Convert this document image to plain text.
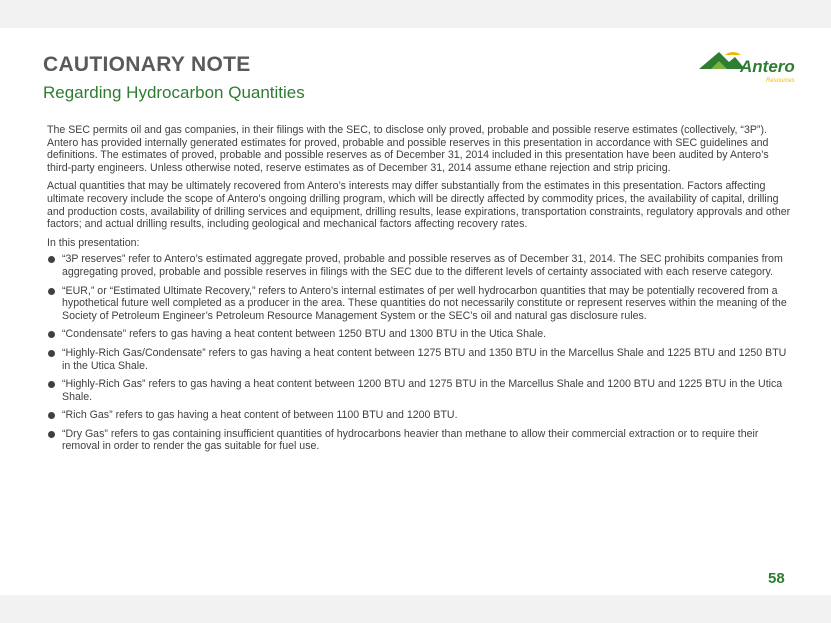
CAUTIONARY NOTE
Regarding Hydrocarbon Quantities
Antero
Resources

The SEC permits oil and gas companies, in their filings with the SEC, to disclose only proved, probable and possible reserve estimates (collectively, “3P”). Antero has provided internally generated estimates for proved, probable and possible reserves in this presentation in accordance with SEC guidelines and definitions. The estimates of proved, probable and possible reserves as of December 31, 2014 included in this presentation have been audited by Antero’s third-party engineers. Unless otherwise noted, reserve estimates as of December 31, 2014 assume ethane rejection and strip pricing.

Actual quantities that may be ultimately recovered from Antero’s interests may differ substantially from the estimates in this presentation. Factors affecting ultimate recovery include the scope of Antero’s ongoing drilling program, which will be directly affected by commodity prices, the availability of capital, drilling and production costs, availability of drilling services and equipment, drilling results, lease expirations, transportation constraints, regulatory approvals and other factors; and actual drilling results, including geological and mechanical factors affecting recovery rates.

In this presentation:

“3P reserves” refer to Antero’s estimated aggregate proved, probable and possible reserves as of December 31, 2014. The SEC prohibits companies from aggregating proved, probable and possible reserves in filings with the SEC due to the different levels of certainty associated with each reserve category.
“EUR,” or “Estimated Ultimate Recovery,” refers to Antero’s internal estimates of per well hydrocarbon quantities that may be potentially recovered from a hypothetical future well completed as a producer in the area. These quantities do not necessarily constitute or represent reserves within the meaning of the Society of Petroleum Engineer’s Petroleum Resource Management System or the SEC’s oil and natural gas disclosure rules.
“Condensate” refers to gas having a heat content between 1250 BTU and 1300 BTU in the Utica Shale.
“Highly-Rich Gas/Condensate” refers to gas having a heat content between 1275 BTU and 1350 BTU in the Marcellus Shale and 1225 BTU and 1250 BTU in the Utica Shale.
“Highly-Rich Gas” refers to gas having a heat content between 1200 BTU and 1275 BTU in the Marcellus Shale and 1200 BTU and 1225 BTU in the Utica Shale.
“Rich Gas” refers to gas having a heat content of between 1100 BTU and 1200 BTU.
“Dry Gas” refers to gas containing insufficient quantities of hydrocarbons heavier than methane to allow their commercial extraction or to require their removal in order to render the gas suitable for fuel use.
58
